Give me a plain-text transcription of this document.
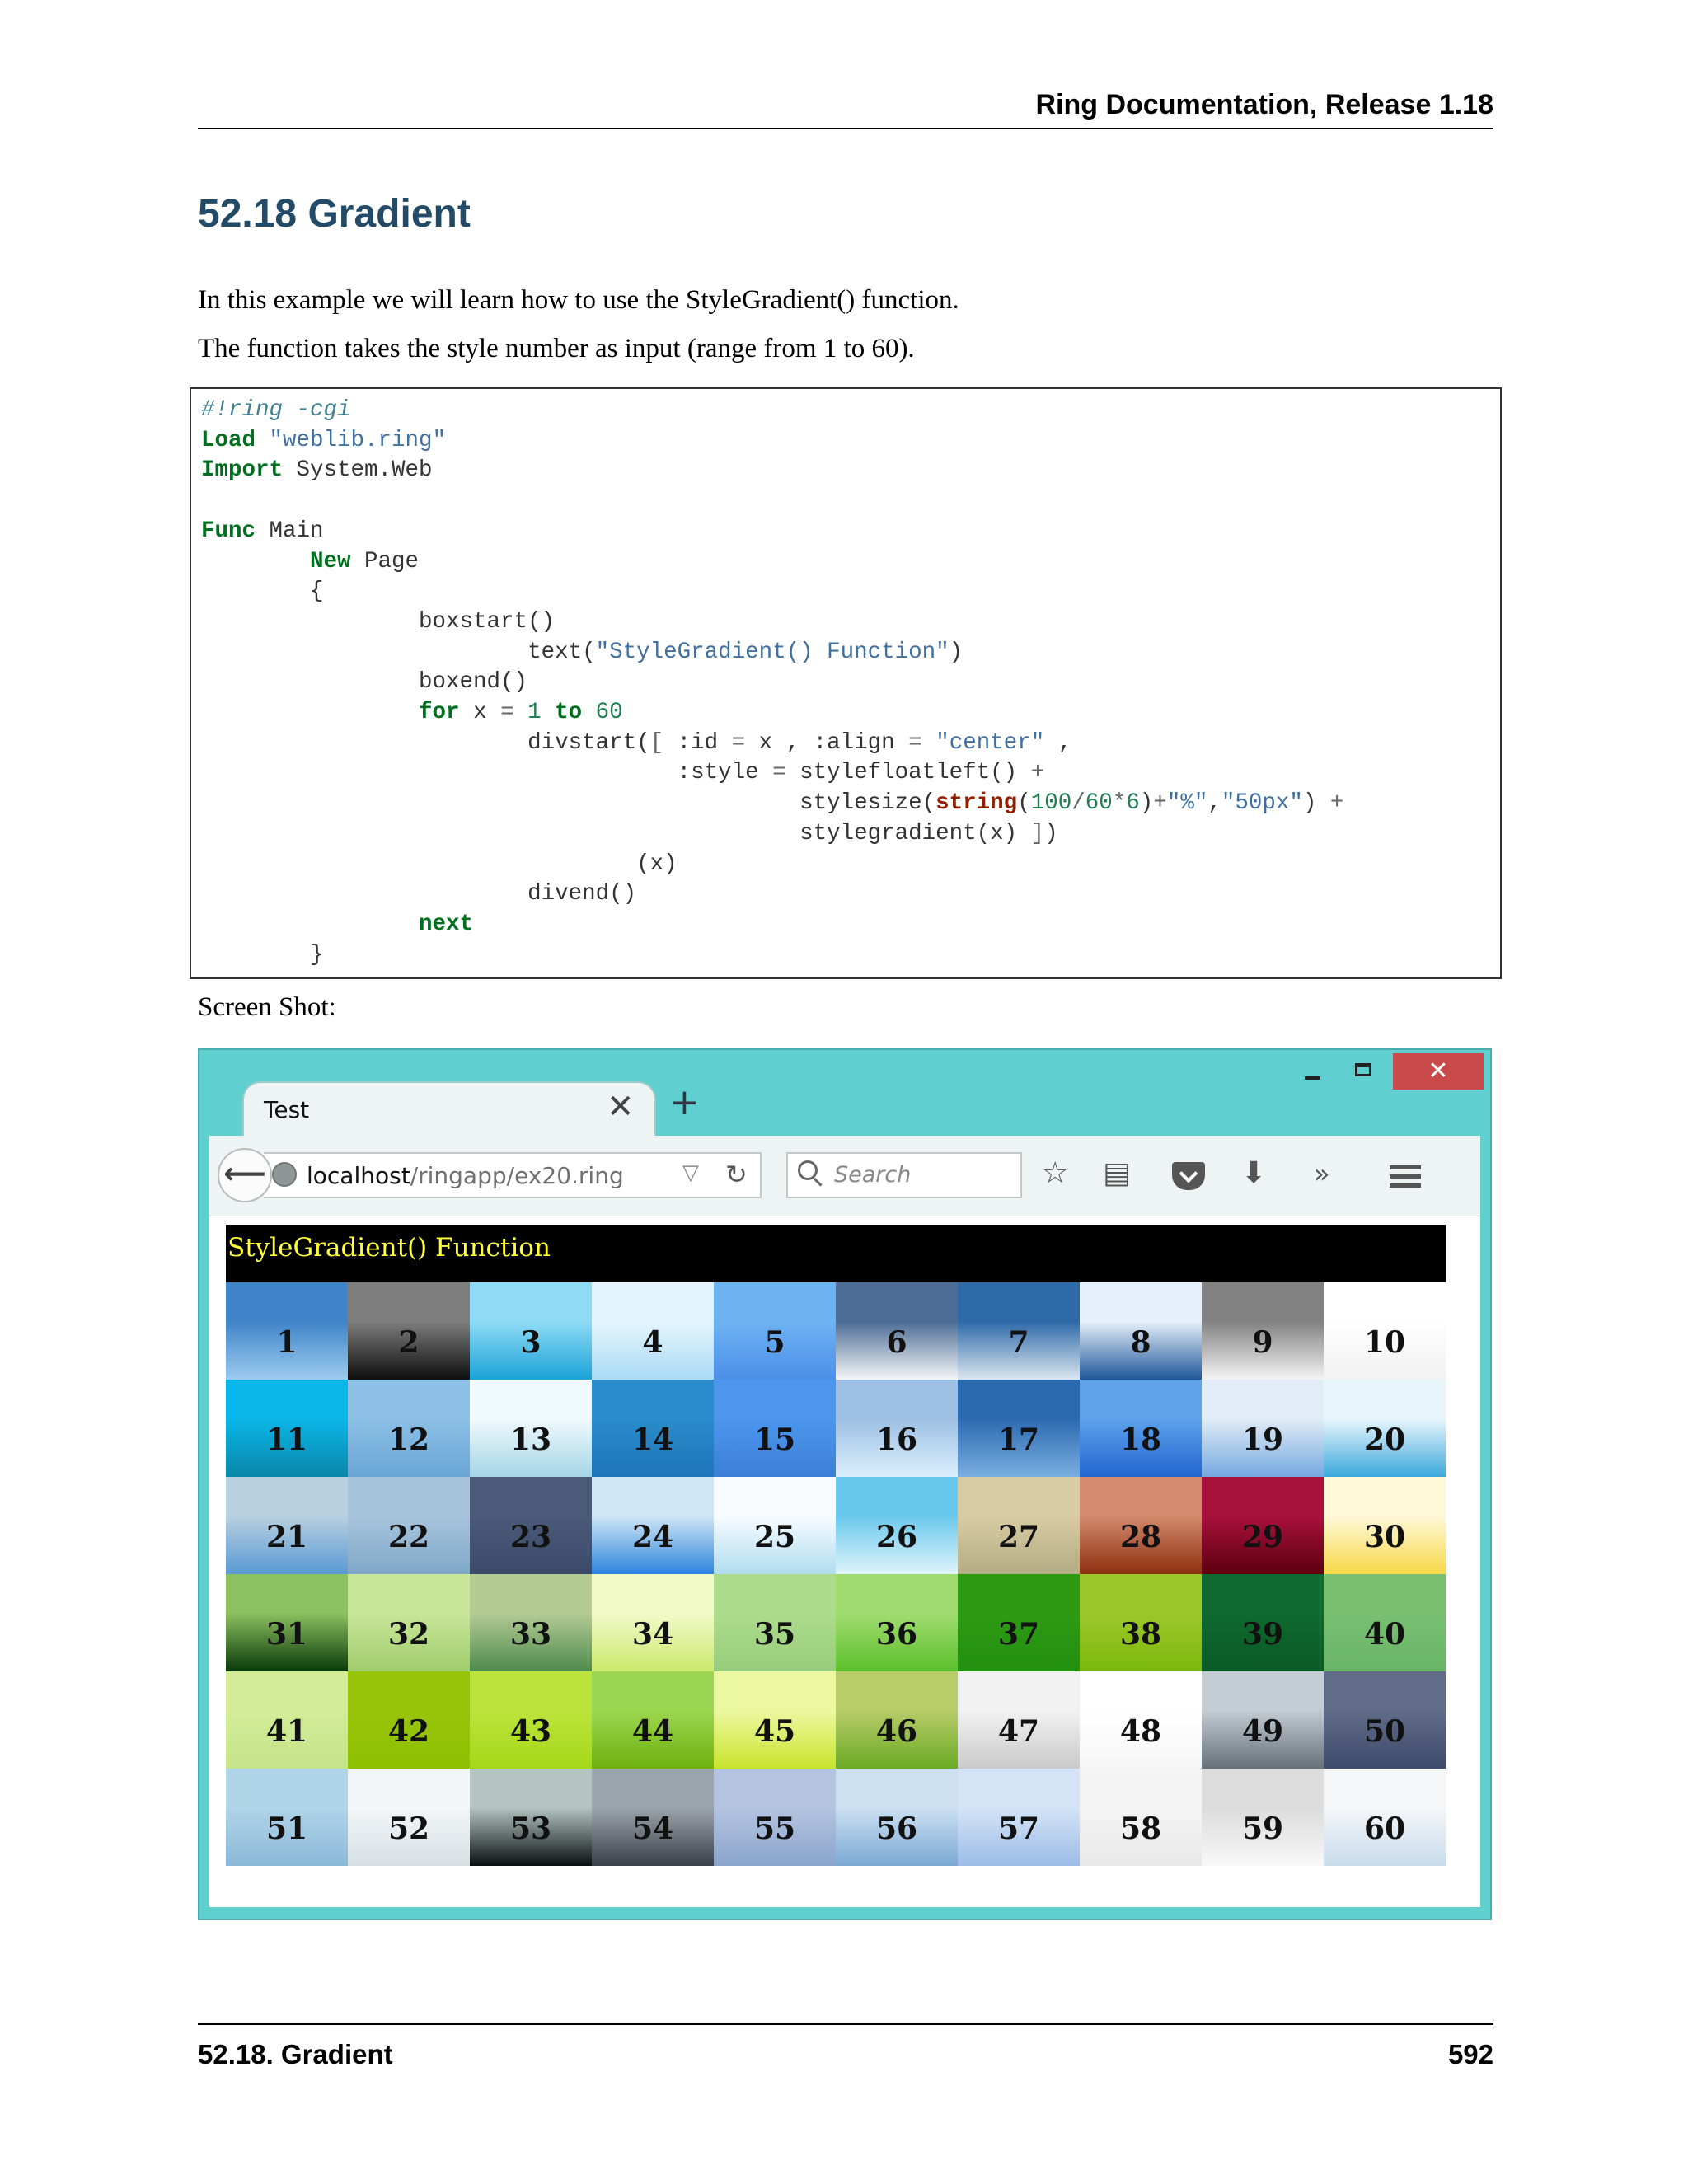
Ring Documentation, Release 1.18
52.18 Gradient
In this example we will learn how to use the StyleGradient() function.
The function takes the style number as input (range from 1 to 60).
#!ring -cgi
Load "weblib.ring"
Import System.Web

Func Main
New Page
{
boxstart()
text("StyleGradient() Function")
boxend()
for x = 1 to 60
divstart([ :id = x , :align = "center" ,
:style = stylefloatleft() +
stylesize(string(100/60*6)+"%","50px") +
stylegradient(x) ])
(x)
divend()
next
}
Screen Shot:
✕
Test	✕ +
localhost/ringapp/ex20.ring	▽ ↻
⟵	Search	☆ ▤	⬇ »
StyleGradient() Function
1	2	3	4	5	6	7	8	9	10
11	12	13	14	15	16	17	18	19	20
21	22	23	24	25	26	27	28	29	30
31	32	33	34	35	36	37	38	39	40
41	42	43	44	45	46	47	48	49	50
51	52	53	54	55	56	57	58	59	60
52.18. Gradient	592
